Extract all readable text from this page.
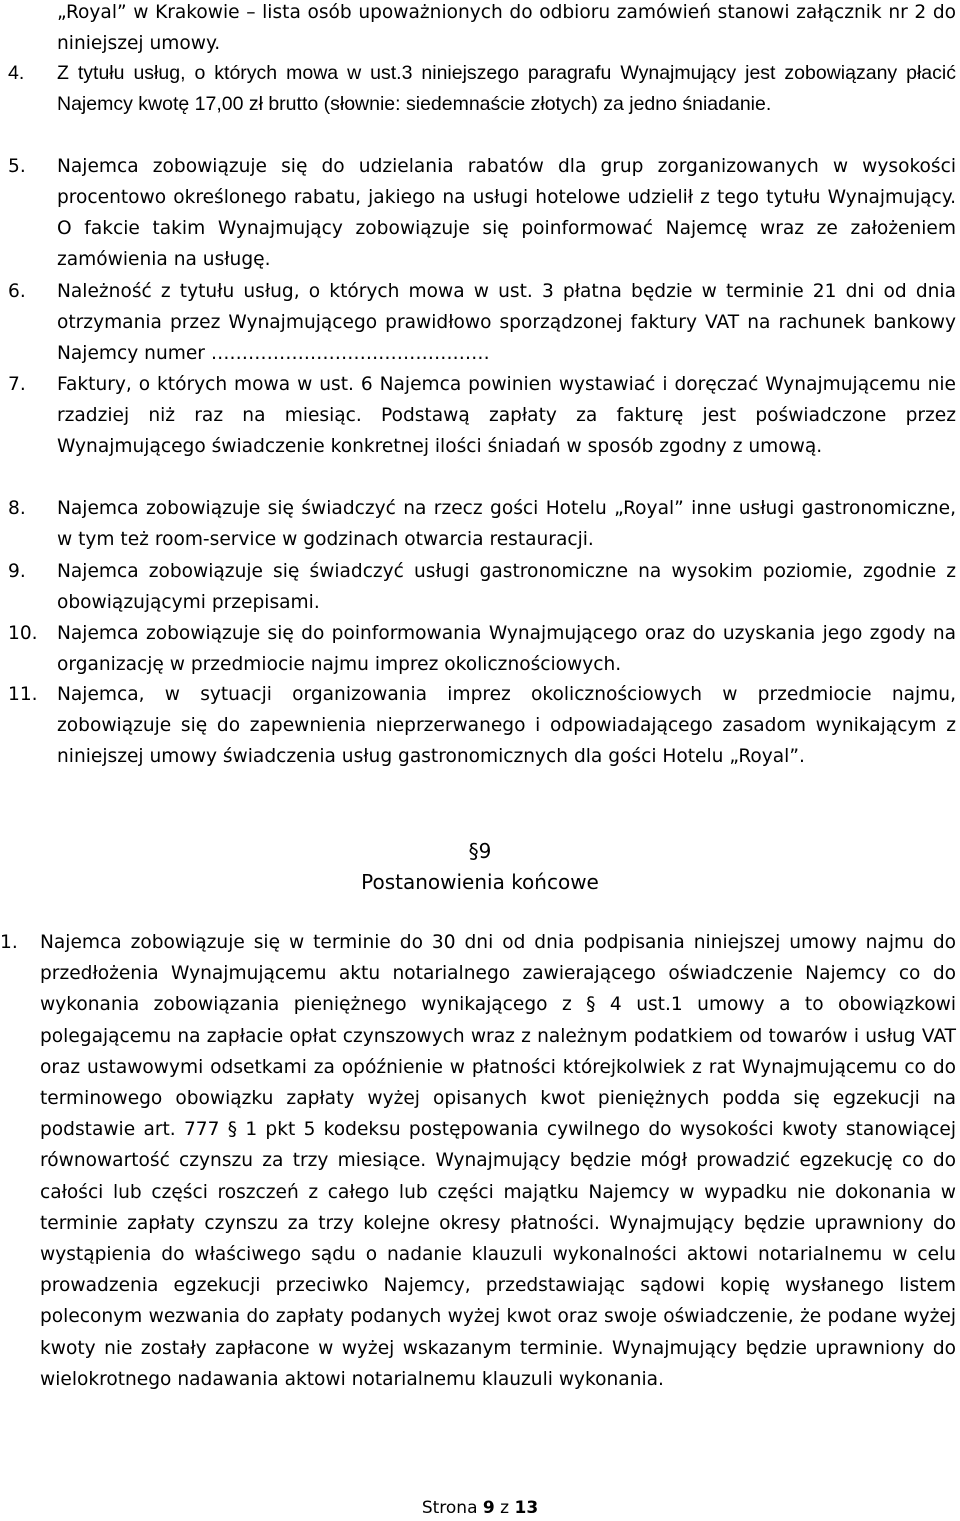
„Royal” w Krakowie – lista osób upoważnionych do odbioru zamówień stanowi załącznik nr 2 do niniejszej umowy.
4. Z tytułu usług, o których mowa w ust.3 niniejszego paragrafu Wynajmujący jest zobowiązany płacić Najemcy kwotę 17,00 zł brutto (słownie: siedemnaście złotych) za jedno śniadanie.
5. Najemca zobowiązuje się do udzielania rabatów dla grup zorganizowanych w wysokości procentowo określonego rabatu, jakiego na usługi hotelowe udzielił z tego tytułu Wynajmujący. O fakcie takim Wynajmujący zobowiązuje się poinformować Najemcę wraz ze założeniem zamówienia na usługę.
6. Należność z tytułu usług, o których mowa w ust. 3 płatna będzie w terminie 21 dni od dnia otrzymania przez Wynajmującego prawidłowo sporządzonej faktury VAT na rachunek bankowy Najemcy numer ………………………………………
7. Faktury, o których mowa w ust. 6 Najemca powinien wystawiać i doręczać Wynajmującemu nie rzadziej niż raz na miesiąc. Podstawą zapłaty za fakturę jest poświadczone przez Wynajmującego świadczenie konkretnej ilości śniadań w sposób zgodny z umową.
8. Najemca zobowiązuje się świadczyć na rzecz gości Hotelu „Royal” inne usługi gastronomiczne, w tym też room-service w godzinach otwarcia restauracji.
9. Najemca zobowiązuje się świadczyć usługi gastronomiczne na wysokim poziomie, zgodnie z obowiązującymi przepisami.
10. Najemca zobowiązuje się do poinformowania Wynajmującego oraz do uzyskania jego zgody na organizację w przedmiocie najmu imprez okolicznościowych.
11. Najemca, w sytuacji organizowania imprez okolicznościowych w przedmiocie najmu, zobowiązuje się do zapewnienia nieprzerwanego i odpowiadającego zasadom wynikającym z niniejszej umowy świadczenia usług gastronomicznych dla gości Hotelu „Royal”.
§9
Postanowienia końcowe
1. Najemca zobowiązuje się w terminie do 30 dni od dnia podpisania niniejszej umowy najmu do przedłożenia Wynajmującemu aktu notarialnego zawierającego oświadczenie Najemcy co do wykonania zobowiązania pieniężnego wynikającego z § 4 ust.1 umowy a to obowiązkowi polegającemu na zapłacie opłat czynszowych wraz z należnym podatkiem od towarów i usług VAT oraz ustawowymi odsetkami za opóźnienie w płatności którejkolwiek z rat Wynajmującemu co do terminowego obowiązku zapłaty wyżej opisanych kwot pieniężnych podda się egzekucji na podstawie art. 777 § 1 pkt 5 kodeksu postępowania cywilnego do wysokości kwoty stanowiącej równowartość czynszu za trzy miesiące. Wynajmujący będzie mógł prowadzić egzekucję co do całości lub części roszczeń z całego lub części majątku Najemcy w wypadku nie dokonania w terminie zapłaty czynszu za trzy kolejne okresy płatności. Wynajmujący będzie uprawniony do wystąpienia do właściwego sądu o nadanie klauzuli wykonalności aktowi notarialnemu w celu prowadzenia egzekucji przeciwko Najemcy, przedstawiając sądowi kopię wysłanego listem poleconym wezwania do zapłaty podanych wyżej kwot oraz swoje oświadczenie, że podane wyżej kwoty nie zostały zapłacone w wyżej wskazanym terminie. Wynajmujący będzie uprawniony do wielokrotnego nadawania aktowi notarialnemu klauzuli wykonania.
Strona 9 z 13
